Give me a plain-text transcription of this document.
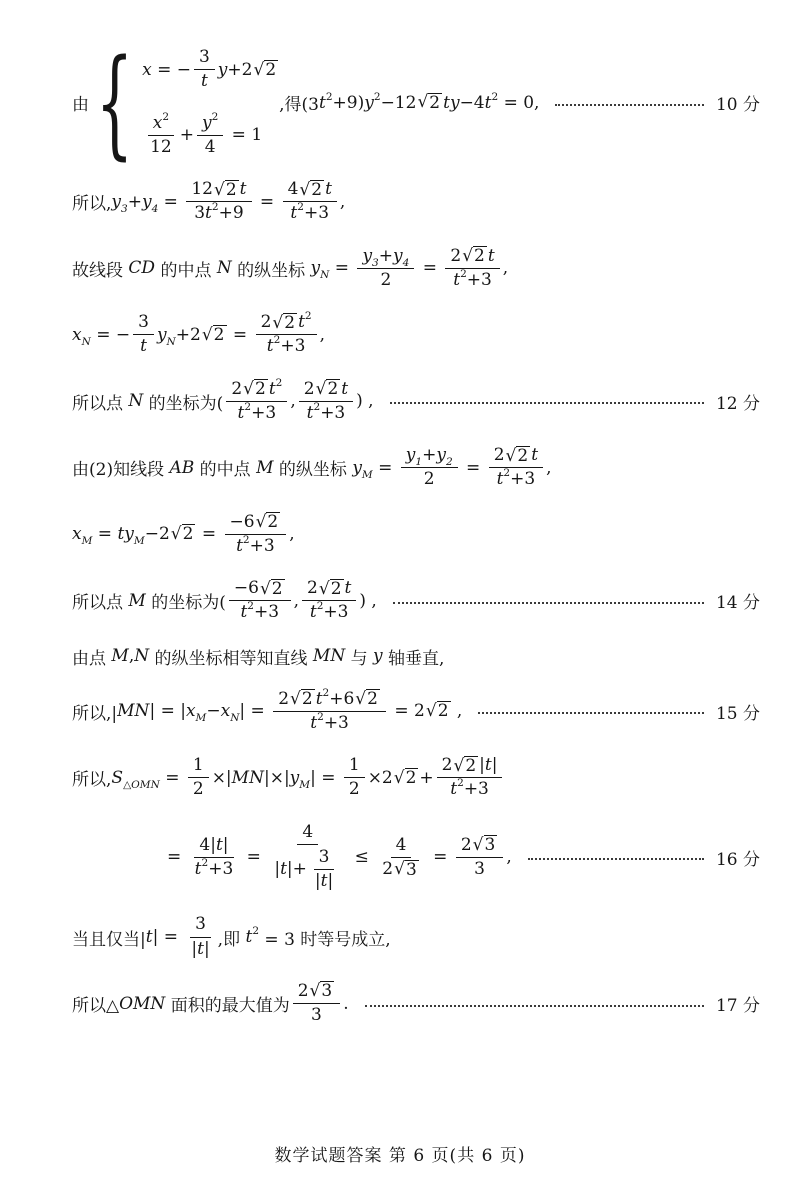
由 { x = − $\frac{3}{t}$ y +2 √ 2
$\frac{x 2}{12} + \frac{y 2}{4} = 1$
,得(3 t 2 +9) y 2 −12 √ 2 ty −4 t 2 = 0,	10 分
所以, y 3 + y $4 = \frac{12 √ 2 t}{3 t 2 +9} = \frac{4 √ 2 t}{t 2 +3}$ ,
故线段 CD 的中点 N 的纵坐标 y $N = \frac{y 3 + y 4}{2} = \frac{2 √ 2 t}{t 2 +3}$ ,
x N = − $\frac{3}{t}$ y N +2 √ $2 = \frac{2 √ 2 t 2}{t 2 +3}$ ,
所以点 N 的坐标为( $\frac{2 √ 2 t 2}{t 2 +3}$ , $\frac{2 √ 2 t}{t 2 +3}$ ) ,	12 分
由(2)知线段 AB 的中点 M 的纵坐标 y $M = \frac{y 1 + y 2}{2} = \frac{2 √ 2 t}{t 2 +3}$ ,
x M = t y M −2 √ $2 = \frac{-6 √ 2}{t 2 +3}$ ,
所以点 M 的坐标为( $\frac{-6 √ 2}{t 2 +3}$ , $\frac{2 √ 2 t}{t 2 +3}$ ) ,	14 分
由点 M , N 的纵坐标相等知直线 MN 与 y 轴垂直,
所以,| MN | = | x M − x N | = $\frac{2 √ 2 t 2 +6 √ 2}{t 2 +3} = 2$ √ 2 ,	15 分
所以, S △OMN = $\frac{1}{2}$ ×| MN |×| y M | = $\frac{1}{2} \times 2$ √ $2 + \frac{2 √ 2 | t |}{t 2 +3}$
= $\frac{4| t |}{t 2 +3} = \frac{4}{| t |+ \frac{3}{| t |}} \le \frac{4}{2 √ 3} = \frac{2 √ 3}{3}$ ,	16 分
当且仅当| t | = $\frac{3}{| t |}$ ,即 t 2 = 3 时等号成立,
所以△ OMN 面积的最大值为 $\frac{2 √ 3}{3}$ .	17 分
数学试题答案 第 6 页(共 6 页)
